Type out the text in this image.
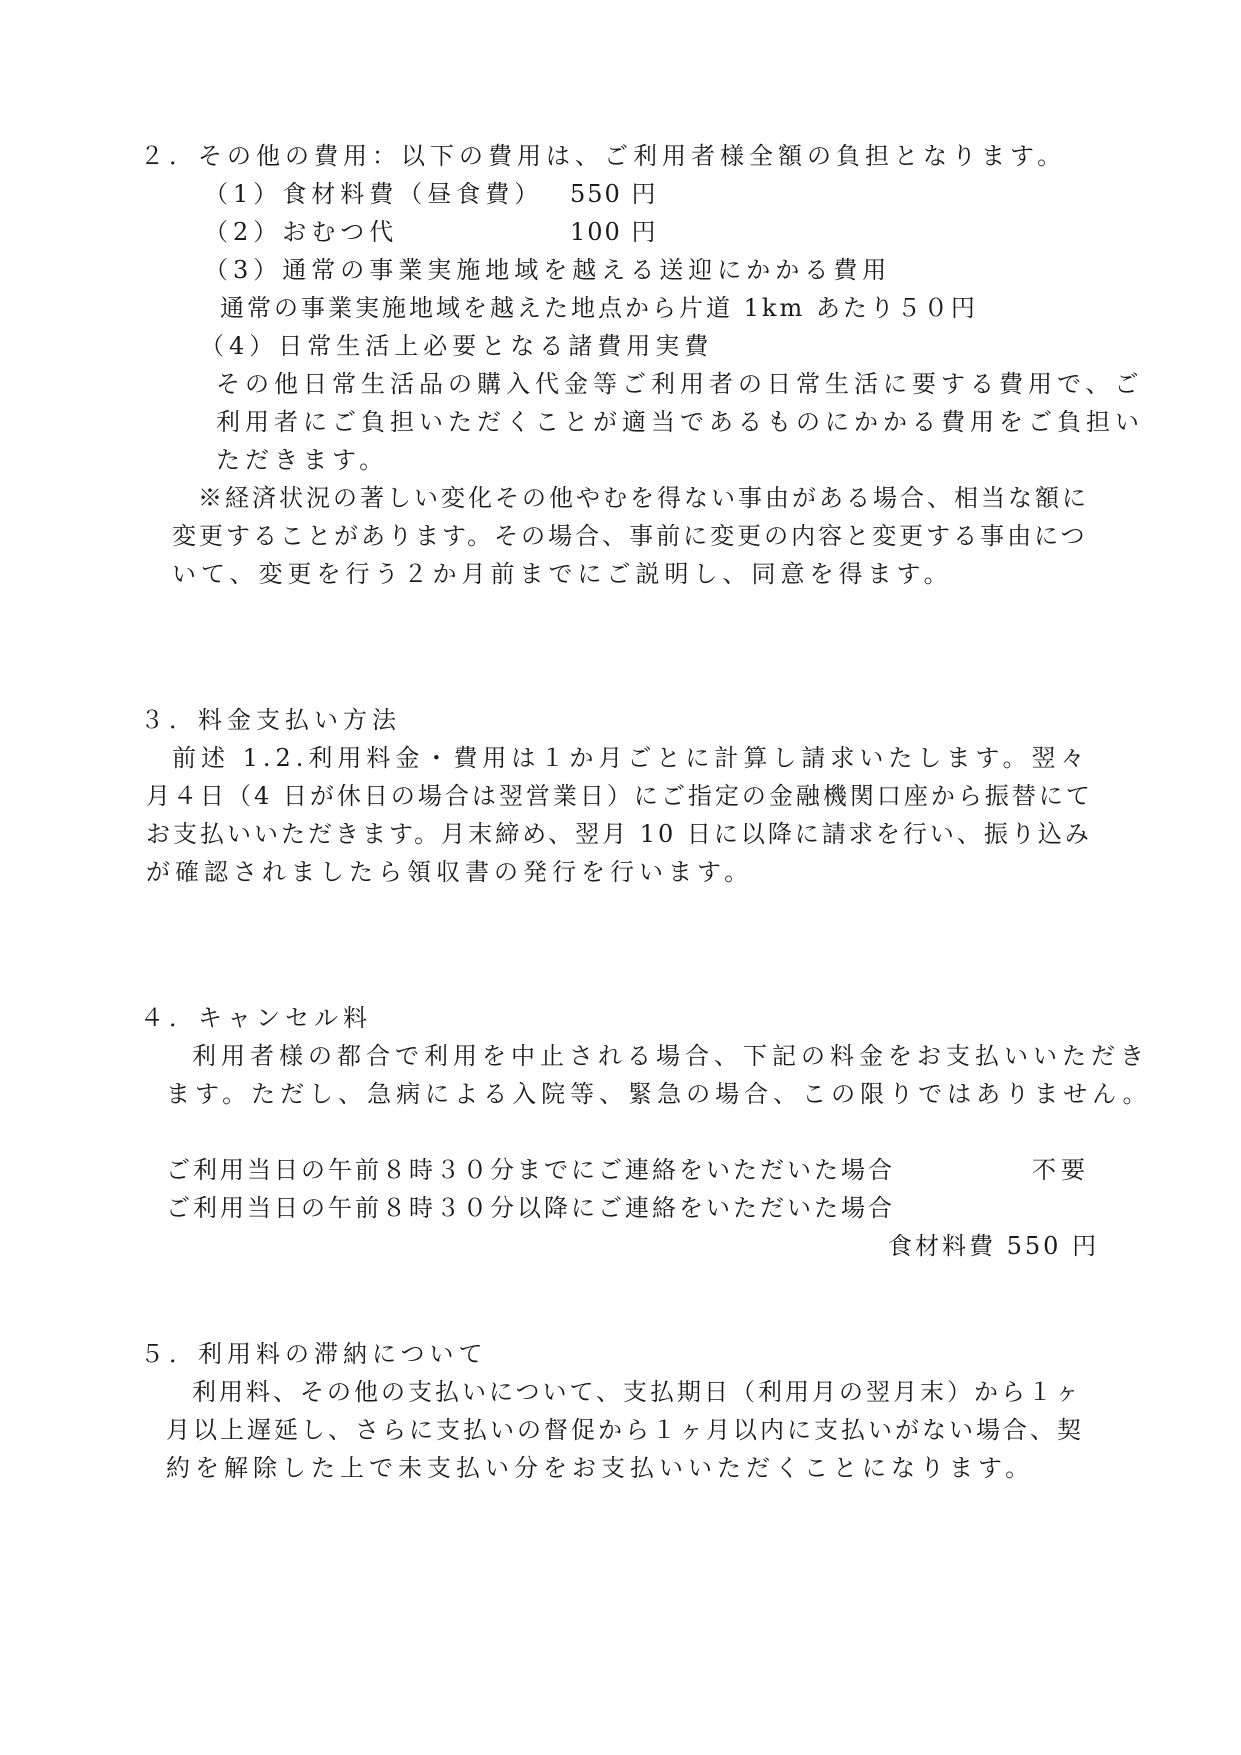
２．その他の費用：以下の費用は、ご利用者様全額の負担となります。
（1）食材料費（昼食費） 550 円
（2）おむつ代	100 円
（3）通常の事業実施地域を越える送迎にかかる費用
通常の事業実施地域を越えた地点から片道 1km あたり５０円
（4）日常生活上必要となる諸費用実費
その他日常生活品の購入代金等ご利用者の日常生活に要する費用で、ご
利用者にご負担いただくことが適当であるものにかかる費用をご負担い
ただきます。
※経済状況の著しい変化その他やむを得ない事由がある場合、相当な額に
変更することがあります。その場合、事前に変更の内容と変更する事由につ
いて、変更を行う２か月前までにご説明し、同意を得ます。
３．料金支払い方法
前述 1.2.利用料金・費用は１か月ごとに計算し請求いたします。翌々
月４日（4 日が休日の場合は翌営業日）にご指定の金融機関口座から振替にて
お支払いいただきます。月末締め、翌月 10 日に以降に請求を行い、振り込み
が確認されましたら領収書の発行を行います。
４．キャンセル料
利用者様の都合で利用を中止される場合、下記の料金をお支払いいただき
ます。ただし、急病による入院等、緊急の場合、この限りではありません。
ご利用当日の午前８時３０分までにご連絡をいただいた場合	不要
ご利用当日の午前８時３０分以降にご連絡をいただいた場合
食材料費 550 円
５．利用料の滞納について
利用料、その他の支払いについて、支払期日（利用月の翌月末）から１ヶ
月以上遅延し、さらに支払いの督促から１ヶ月以内に支払いがない場合、契
約を解除した上で未支払い分をお支払いいただくことになります。
